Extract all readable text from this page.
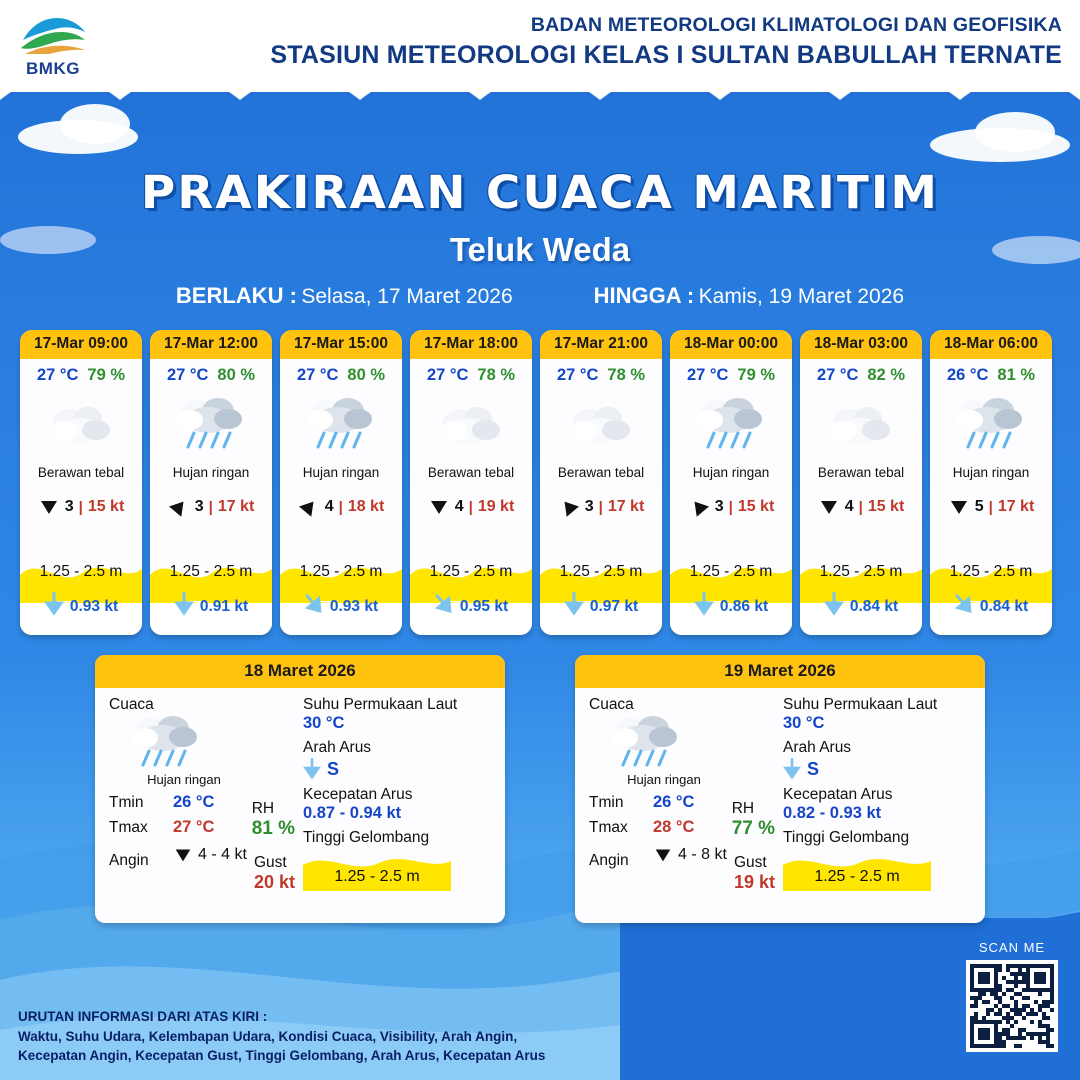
BMKG
BADAN METEOROLOGI KLIMATOLOGI DAN GEOFISIKA
STASIUN METEOROLOGI KELAS I SULTAN BABULLAH TERNATE
PRAKIRAAN CUACA MARITIM
Teluk Weda
BERLAKU : Selasa, 17 Maret 2026	HINGGA : Kamis, 19 Maret 2026
17-Mar 09:00
27 °C 79 %
Berawan tebal
3 | 15 kt
1.25 - 2.5 m
0.93 kt
17-Mar 12:00
27 °C 80 %
Hujan ringan
3 | 17 kt
1.25 - 2.5 m
0.91 kt
17-Mar 15:00
27 °C 80 %
Hujan ringan
4 | 18 kt
1.25 - 2.5 m
0.93 kt
17-Mar 18:00
27 °C 78 %
Berawan tebal
4 | 19 kt
1.25 - 2.5 m
0.95 kt
17-Mar 21:00
27 °C 78 %
Berawan tebal
3 | 17 kt
1.25 - 2.5 m
0.97 kt
18-Mar 00:00
27 °C 79 %
Hujan ringan
3 | 15 kt
1.25 - 2.5 m
0.86 kt
18-Mar 03:00
27 °C 82 %
Berawan tebal
4 | 15 kt
1.25 - 2.5 m
0.84 kt
18-Mar 06:00
26 °C 81 %
Hujan ringan
5 | 17 kt
1.25 - 2.5 m
0.84 kt
18 Maret 2026
Cuaca
Hujan ringan
Tmin	26 °C
Tmax	27 °C
Angin	4 - 4 kt
RH
81 %
Gust
20 kt
Suhu Permukaan Laut
30 °C
Arah Arus
S
Kecepatan Arus
0.87 - 0.94 kt
Tinggi Gelombang
1.25 - 2.5 m
19 Maret 2026
Cuaca
Hujan ringan
Tmin	26 °C
Tmax	28 °C
Angin	4 - 8 kt
RH
77 %
Gust
19 kt
Suhu Permukaan Laut
30 °C
Arah Arus
S
Kecepatan Arus
0.82 - 0.93 kt
Tinggi Gelombang
1.25 - 2.5 m
URUTAN INFORMASI DARI ATAS KIRI :
Waktu, Suhu Udara, Kelembapan Udara, Kondisi Cuaca, Visibility, Arah Angin,
Kecepatan Angin, Kecepatan Gust, Tinggi Gelombang, Arah Arus, Kecepatan Arus
SCAN ME
